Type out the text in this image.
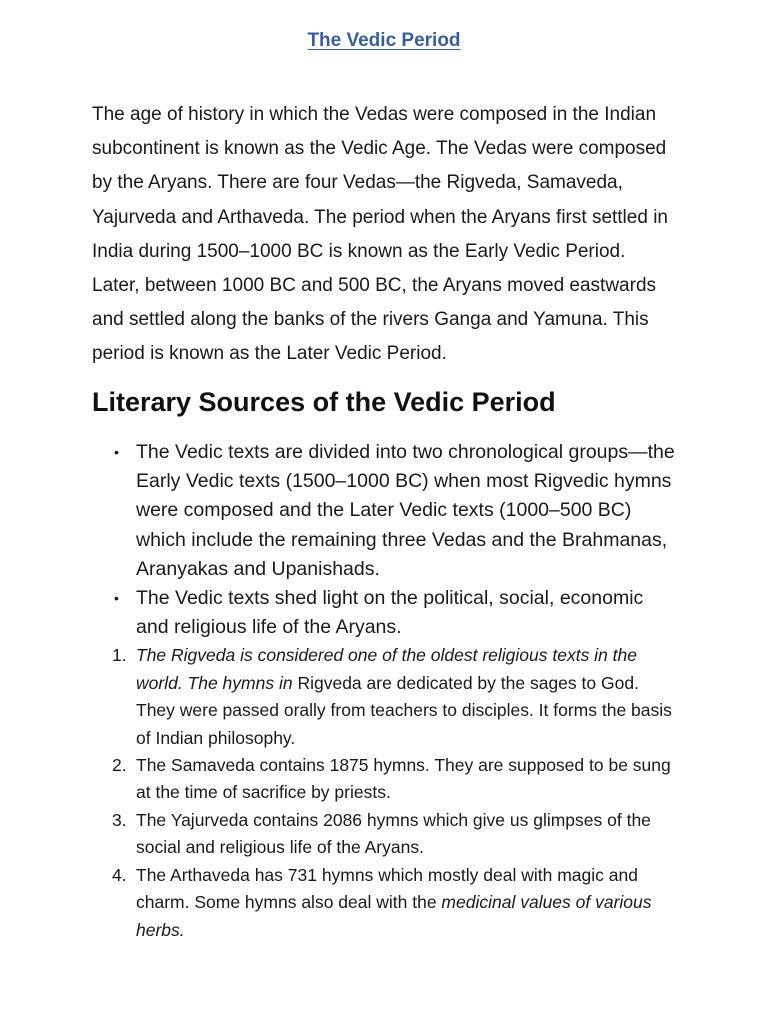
The Vedic Period

The age of history in which the Vedas were composed in the Indian subcontinent is known as the Vedic Age. The Vedas were composed by the Aryans. There are four Vedas—the Rigveda, Samaveda, Yajurveda and Arthaveda. The period when the Aryans first settled in India during 1500–1000 BC is known as the Early Vedic Period. Later, between 1000 BC and 500 BC, the Aryans moved eastwards and settled along the banks of the rivers Ganga and Yamuna. This period is known as the Later Vedic Period.

Literary Sources of the Vedic Period
• The Vedic texts are divided into two chronological groups—the Early Vedic texts (1500–1000 BC) when most Rigvedic hymns were composed and the Later Vedic texts (1000–500 BC) which include the remaining three Vedas and the Brahmanas, Aranyakas and Upanishads.
• The Vedic texts shed light on the political, social, economic and religious life of the Aryans.
1. The Rigveda is considered one of the oldest religious texts in the world. The hymns in Rigveda are dedicated by the sages to God. They were passed orally from teachers to disciples. It forms the basis of Indian philosophy.
2. The Samaveda contains 1875 hymns. They are supposed to be sung at the time of sacrifice by priests.
3. The Yajurveda contains 2086 hymns which give us glimpses of the social and religious life of the Aryans.
4. The Arthaveda has 731 hymns which mostly deal with magic and charm. Some hymns also deal with the medicinal values of various herbs.
